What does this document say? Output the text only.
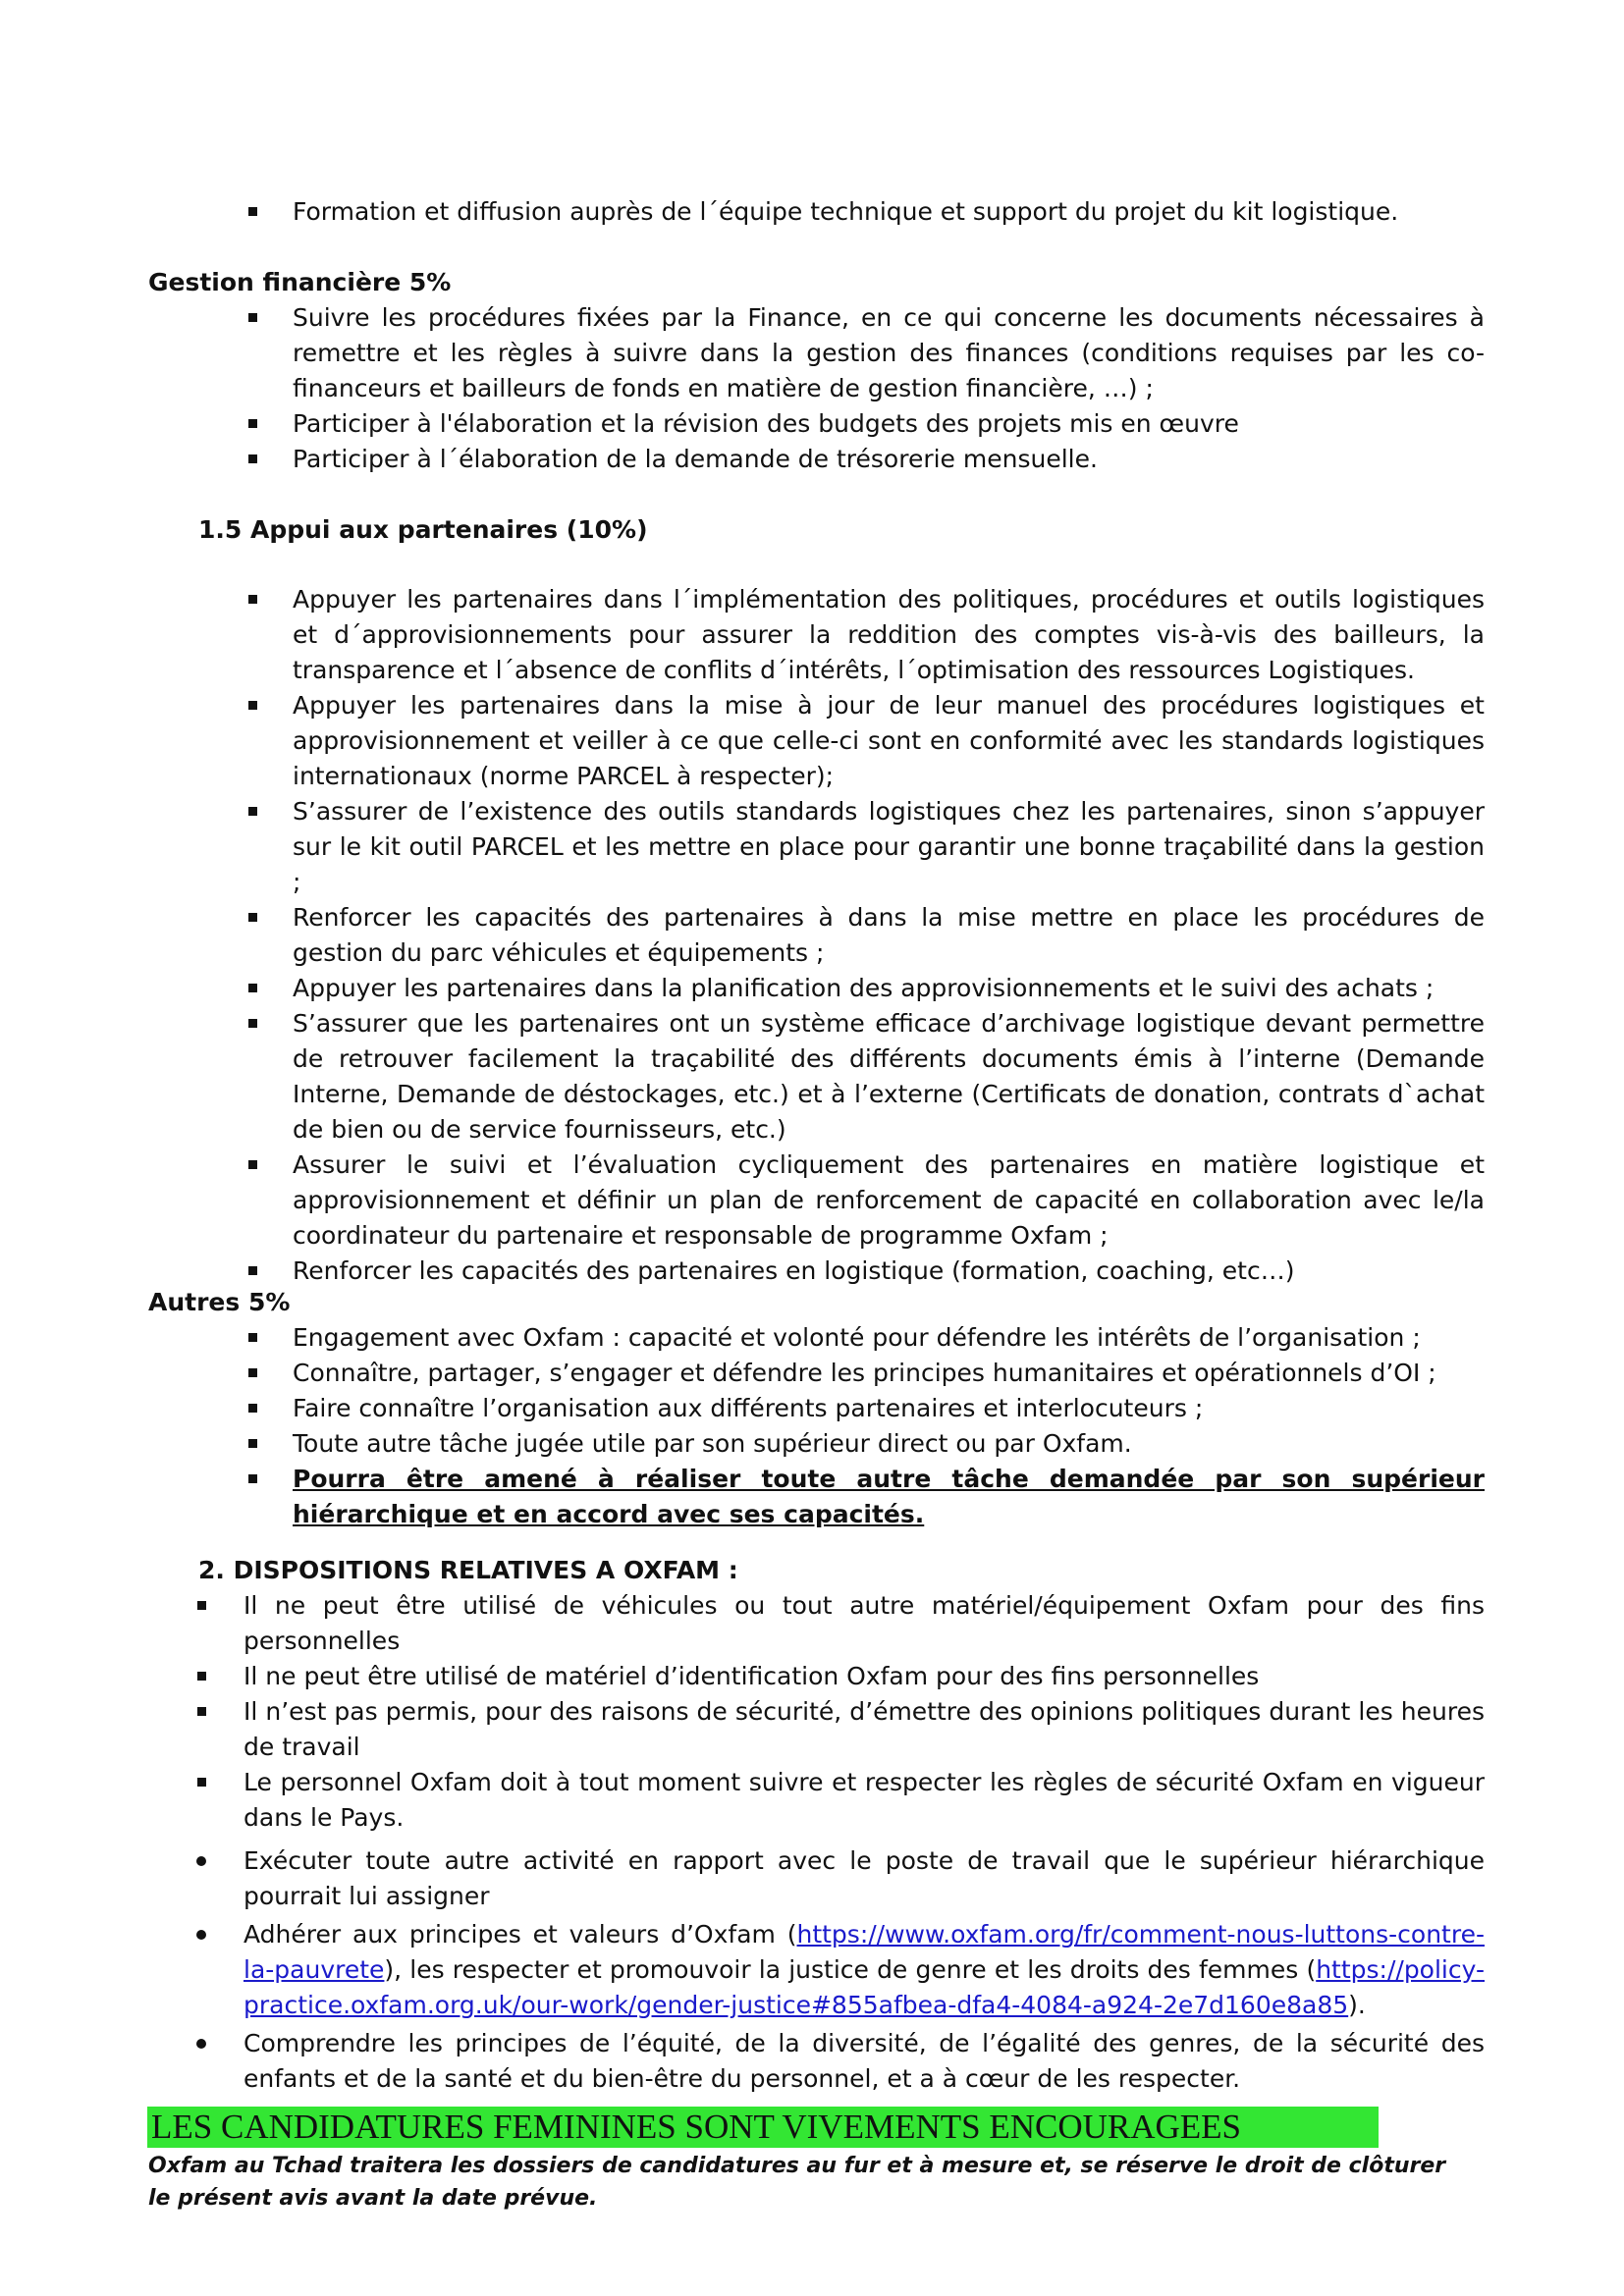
Formation et diffusion auprès de l´équipe technique et support du projet du kit logistique.
Gestion financière 5%
Suivre les procédures fixées par la Finance, en ce qui concerne les documents nécessaires à remettre et les règles à suivre dans la gestion des finances (conditions requises par les co-financeurs et bailleurs de fonds en matière de gestion financière, …) ;
Participer à l'élaboration et la révision des budgets des projets mis en œuvre
Participer à l´élaboration de la demande de trésorerie mensuelle.
1.5 Appui aux partenaires (10%)
Appuyer les partenaires dans l´implémentation des politiques, procédures et outils logistiques et d´approvisionnements pour assurer la reddition des comptes vis-à-vis des bailleurs, la transparence et l´absence de conflits d´intérêts, l´optimisation des ressources Logistiques.
Appuyer les partenaires dans la mise à jour de leur manuel des procédures logistiques et approvisionnement et veiller à ce que celle-ci sont en conformité avec les standards logistiques internationaux (norme PARCEL à respecter);
S’assurer de l’existence des outils standards logistiques chez les partenaires, sinon s’appuyer sur le kit outil PARCEL et les mettre en place pour garantir une bonne traçabilité dans la gestion ;
Renforcer les capacités des partenaires à dans la mise mettre en place les procédures de gestion du parc véhicules et équipements ;
Appuyer les partenaires dans la planification des approvisionnements et le suivi des achats ;
S’assurer que les partenaires ont un système efficace d’archivage logistique devant permettre de retrouver facilement la traçabilité des différents documents émis à l’interne (Demande Interne, Demande de déstockages, etc.) et à l’externe (Certificats de donation, contrats d`achat de bien ou de service fournisseurs, etc.)
Assurer le suivi et l’évaluation cycliquement des partenaires en matière logistique et approvisionnement et définir un plan de renforcement de capacité en collaboration avec le/la coordinateur du partenaire et responsable de programme Oxfam ;
Renforcer les capacités des partenaires en logistique (formation, coaching, etc…)
Autres 5%
Engagement avec Oxfam : capacité et volonté pour défendre les intérêts de l’organisation ;
Connaître, partager, s’engager et défendre les principes humanitaires et opérationnels d’OI ;
Faire connaître l’organisation aux différents partenaires et interlocuteurs ;
Toute autre tâche jugée utile par son supérieur direct ou par Oxfam.
Pourra être amené à réaliser toute autre tâche demandée par son supérieur hiérarchique et en accord avec ses capacités.
2. DISPOSITIONS RELATIVES A OXFAM :
Il ne peut être utilisé de véhicules ou tout autre matériel/équipement Oxfam pour des fins personnelles
Il ne peut être utilisé de matériel d’identification Oxfam pour des fins personnelles
Il n’est pas permis, pour des raisons de sécurité, d’émettre des opinions politiques durant les heures de travail
Le personnel Oxfam doit à tout moment suivre et respecter les règles de sécurité Oxfam en vigueur dans le Pays.
Exécuter toute autre activité en rapport avec le poste de travail que le supérieur hiérarchique pourrait lui assigner
Adhérer aux principes et valeurs d’Oxfam (https://www.oxfam.org/fr/comment-nous-luttons-contre-la-pauvrete), les respecter et promouvoir la justice de genre et les droits des femmes (https://policy-practice.oxfam.org.uk/our-work/gender-justice#855afbea-dfa4-4084-a924-2e7d160e8a85).
Comprendre les principes de l’équité, de la diversité, de l’égalité des genres, de la sécurité des enfants et de la santé et du bien-être du personnel, et a à cœur de les respecter.
LES CANDIDATURES FEMININES SONT VIVEMENTS ENCOURAGEES
Oxfam au Tchad traitera les dossiers de candidatures au fur et à mesure et, se réserve le droit de clôturer
le présent avis avant la date prévue.
